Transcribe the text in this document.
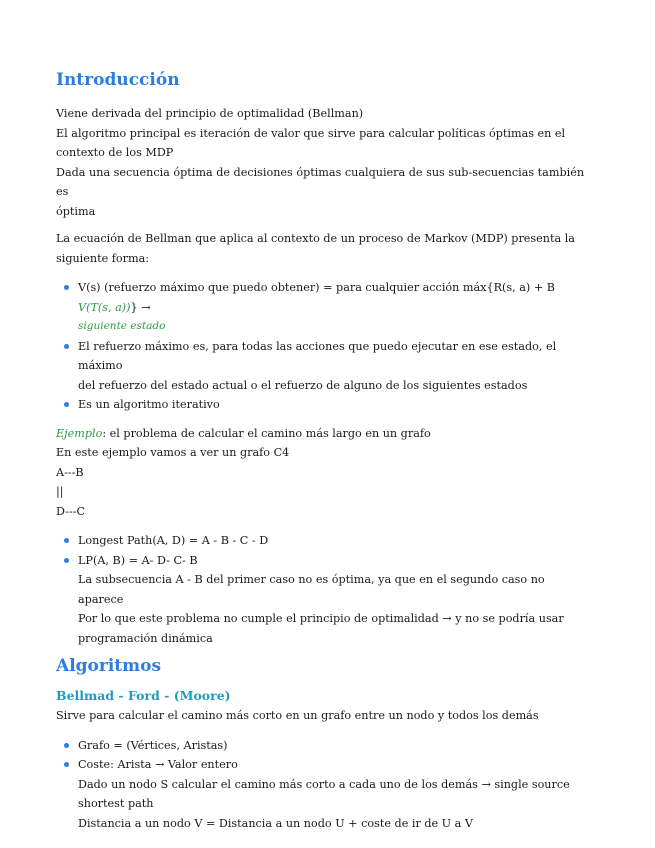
Introducción

Viene derivada del principio de optimalidad (Bellman)

El algoritmo principal es iteración de valor que sirve para calcular políticas óptimas en el

contexto de los MDP

Dada una secuencia óptima de decisiones óptimas cualquiera de sus sub-secuencias también es

óptima

La ecuación de Bellman que aplica al contexto de un proceso de Markov (MDP) presenta la

siguiente forma:

V(s) (refuerzo máximo que puedo obtener) = para cualquier acción máx{R(s, a) + B V(T(s, a))} →
siguiente estado
El refuerzo máximo es, para todas las acciones que puedo ejecutar en ese estado, el máximo
del refuerzo del estado actual o el refuerzo de alguno de los siguientes estados
Es un algoritmo iterativo

Ejemplo: el problema de calcular el camino más largo en un grafo

En este ejemplo vamos a ver un grafo C4

A---B

||

D---C

Longest Path(A, D) = A - B - C - D
LP(A, B) = A- D- C- B
La subsecuencia A - B del primer caso no es óptima, ya que en el segundo caso no aparece
Por lo que este problema no cumple el principio de optimalidad → y no se podría usar
programación dinámica
Algoritmos
Bellmad - Ford - (Moore)

Sirve para calcular el camino más corto en un grafo entre un nodo y todos los demás

Grafo = (Vértices, Aristas)
Coste: Arista → Valor entero
Dado un nodo S calcular el camino más corto a cada uno de los demás → single source
shortest path
Distancia a un nodo V = Distancia a un nodo U + coste de ir de U a V
